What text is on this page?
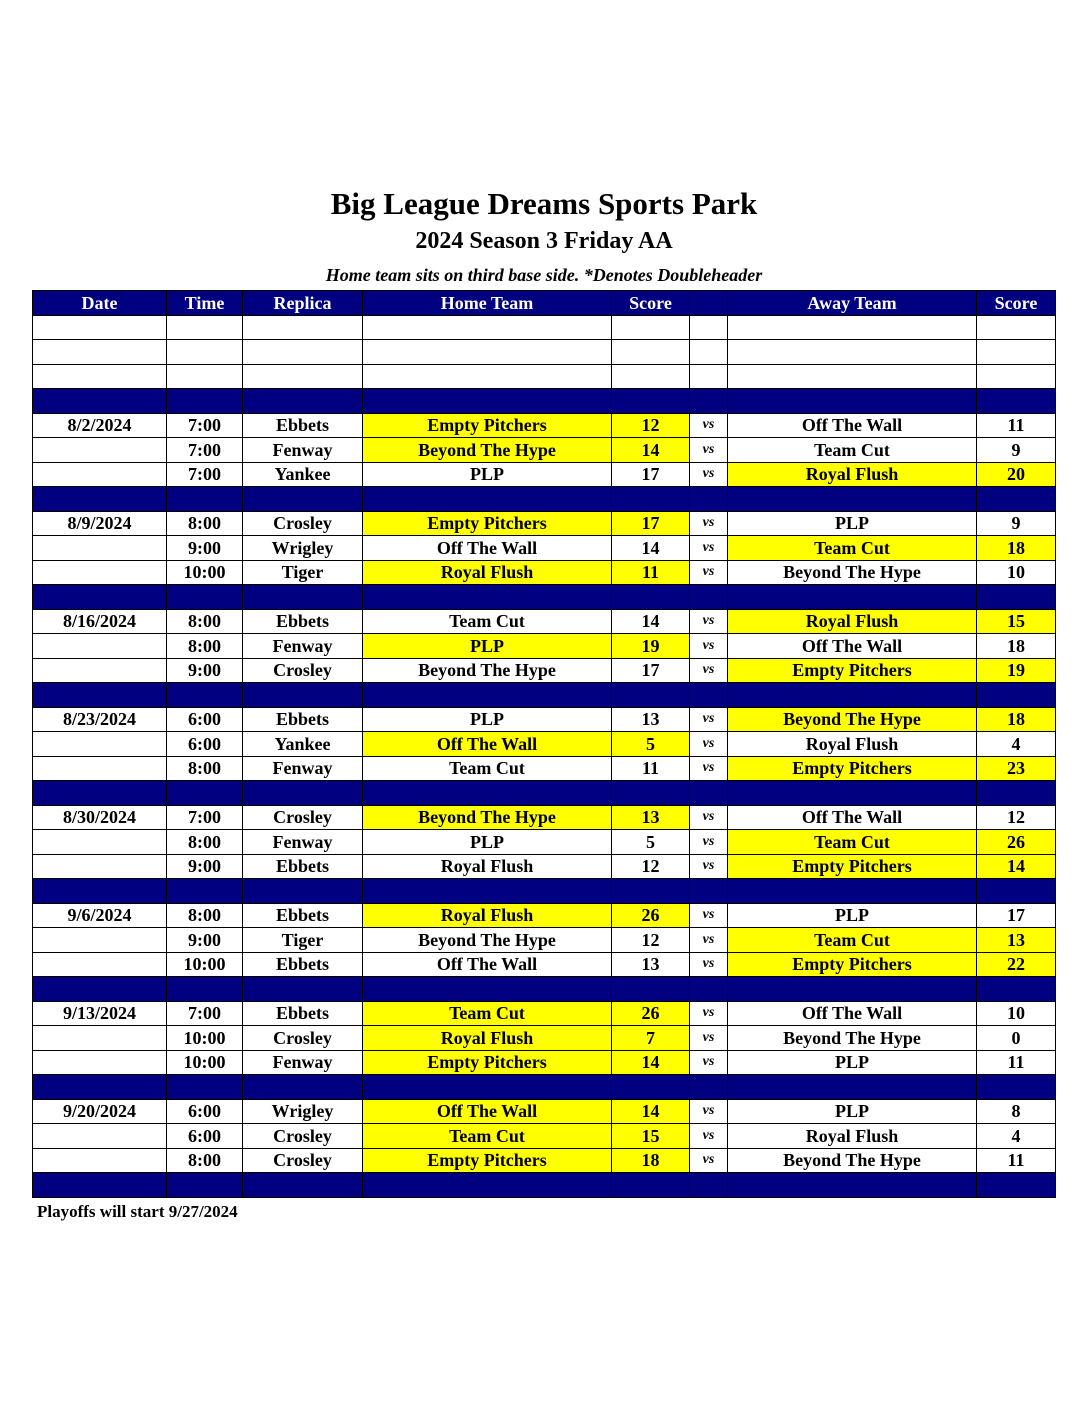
Big League Dreams Sports Park
2024 Season 3 Friday AA
Home team sits on third base side. *Denotes Doubleheader
Date	Time	Replica	Home Team	Score		Away Team	Score

8/2/2024	7:00	Ebbets	Empty Pitchers	12	vs	Off The Wall	11
	7:00	Fenway	Beyond The Hype	14	vs	Team Cut	9
	7:00	Yankee	PLP	17	vs	Royal Flush	20

8/9/2024	8:00	Crosley	Empty Pitchers	17	vs	PLP	9
	9:00	Wrigley	Off The Wall	14	vs	Team Cut	18
	10:00	Tiger	Royal Flush	11	vs	Beyond The Hype	10

8/16/2024	8:00	Ebbets	Team Cut	14	vs	Royal Flush	15
	8:00	Fenway	PLP	19	vs	Off The Wall	18
	9:00	Crosley	Beyond The Hype	17	vs	Empty Pitchers	19

8/23/2024	6:00	Ebbets	PLP	13	vs	Beyond The Hype	18
	6:00	Yankee	Off The Wall	5	vs	Royal Flush	4
	8:00	Fenway	Team Cut	11	vs	Empty Pitchers	23

8/30/2024	7:00	Crosley	Beyond The Hype	13	vs	Off The Wall	12
	8:00	Fenway	PLP	5	vs	Team Cut	26
	9:00	Ebbets	Royal Flush	12	vs	Empty Pitchers	14

9/6/2024	8:00	Ebbets	Royal Flush	26	vs	PLP	17
	9:00	Tiger	Beyond The Hype	12	vs	Team Cut	13
	10:00	Ebbets	Off The Wall	13	vs	Empty Pitchers	22

9/13/2024	7:00	Ebbets	Team Cut	26	vs	Off The Wall	10
	10:00	Crosley	Royal Flush	7	vs	Beyond The Hype	0
	10:00	Fenway	Empty Pitchers	14	vs	PLP	11

9/20/2024	6:00	Wrigley	Off The Wall	14	vs	PLP	8
	6:00	Crosley	Team Cut	15	vs	Royal Flush	4
	8:00	Crosley	Empty Pitchers	18	vs	Beyond The Hype	11

Playoffs will start 9/27/2024
